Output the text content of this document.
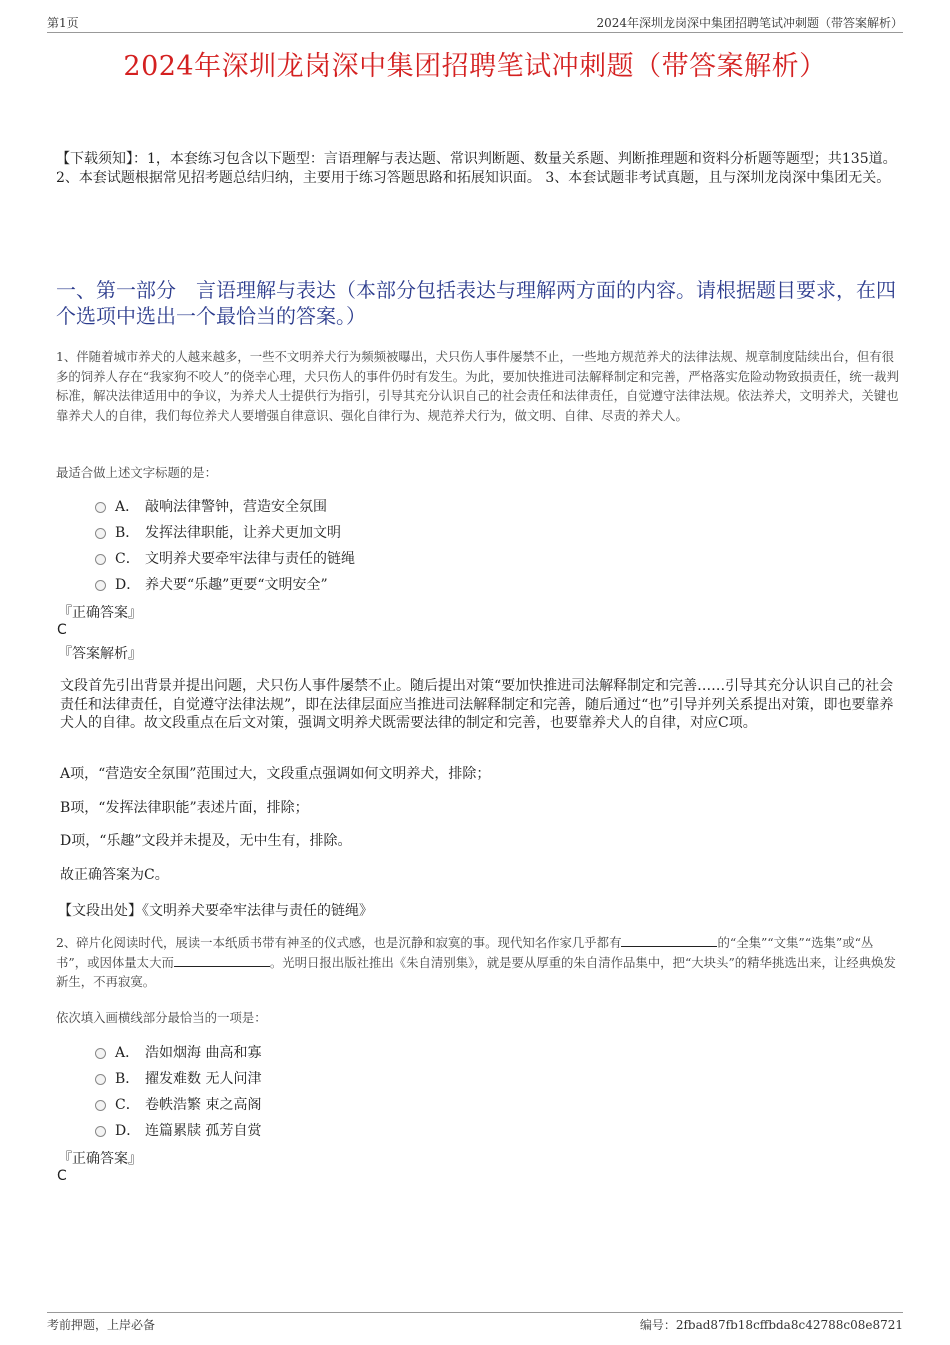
第1页	2024年深圳龙岗深中集团招聘笔试冲刺题（带答案解析）
2024年深圳龙岗深中集团招聘笔试冲刺题（带答案解析）
【下载须知】：1，本套练习包含以下题型：言语理解与表达题、常识判断题、数量关系题、判断推理题和资料分析题等题型；共135道。 2、本套试题根据常见招考题总结归纳，主要用于练习答题思路和拓展知识面。 3、本套试题非考试真题，且与深圳龙岗深中集团无关。
一、第一部分　言语理解与表达（本部分包括表达与理解两方面的内容。请根据题目要求，在四个选项中选出一个最恰当的答案。）
1、伴随着城市养犬的人越来越多，一些不文明养犬行为频频被曝出，犬只伤人事件屡禁不止，一些地方规范养犬的法律法规、规章制度陆续出台，但有很多的饲养人存在“我家狗不咬人”的侥幸心理，犬只伤人的事件仍时有发生。为此，要加快推进司法解释制定和完善，严格落实危险动物致损责任，统一裁判标准，解决法律适用中的争议，为养犬人士提供行为指引，引导其充分认识自己的社会责任和法律责任，自觉遵守法律法规。依法养犬，文明养犬，关键也靠养犬人的自律，我们每位养犬人要增强自律意识、强化自律行为、规范养犬行为，做文明、自律、尽责的养犬人。
最适合做上述文字标题的是：
A． 敲响法律警钟，营造安全氛围
B． 发挥法律职能，让养犬更加文明
C． 文明养犬要牵牢法律与责任的链绳
D． 养犬要“乐趣”更要“文明安全”
『正确答案』
C
『答案解析』
文段首先引出背景并提出问题，犬只伤人事件屡禁不止。随后提出对策“要加快推进司法解释制定和完善……引导其充分认识自己的社会责任和法律责任，自觉遵守法律法规”，即在法律层面应当推进司法解释制定和完善，随后通过“也”引导并列关系提出对策，即也要靠养犬人的自律。故文段重点在后文对策，强调文明养犬既需要法律的制定和完善，也要靠养犬人的自律，对应C项。
A项，“营造安全氛围”范围过大，文段重点强调如何文明养犬，排除；
B项，“发挥法律职能”表述片面，排除；
D项，“乐趣”文段并未提及，无中生有，排除。
故正确答案为C。
【文段出处】《文明养犬要牵牢法律与责任的链绳》
2、碎片化阅读时代，展读一本纸质书带有神圣的仪式感，也是沉静和寂寞的事。现代知名作家几乎都有	的“全集”“文集”“选集”或“丛书”，或因体量太大而	。光明日报出版社推出《朱自清别集》，就是要从厚重的朱自清作品集中，把“大块头”的精华挑选出来，让经典焕发新生，不再寂寞。
依次填入画横线部分最恰当的一项是：
A． 浩如烟海 曲高和寡
B． 擢发难数 无人问津
C． 卷帙浩繁 束之高阁
D． 连篇累牍 孤芳自赏
『正确答案』
C
考前押题，上岸必备	编号：2fbad87fb18cffbda8c42788c08e8721
